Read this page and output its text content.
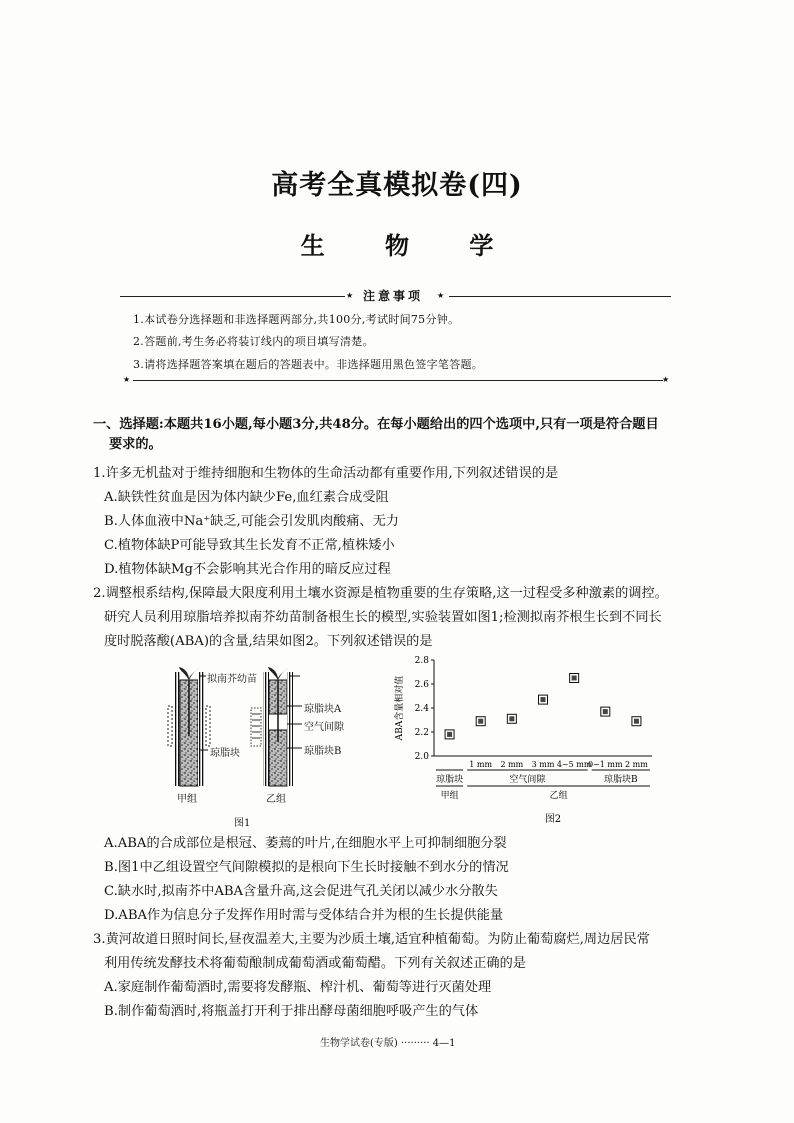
高考全真模拟卷(四)
生 物 学
★ 注意事项 ★
1.本试卷分选择题和非选择题两部分,共100分,考试时间75分钟。
2.答题前,考生务必将装订线内的项目填写清楚。
3.请将选择题答案填在题后的答题表中。非选择题用黑色签字笔答题。
★	★
一、选择题:本题共16小题,每小题3分,共48分。在每小题给出的四个选项中,只有一项是符合题目
要求的。
1.许多无机盐对于维持细胞和生物体的生命活动都有重要作用,下列叙述错误的是
A.缺铁性贫血是因为体内缺少Fe,血红素合成受阻
B.人体血液中Na⁺缺乏,可能会引发肌肉酸痛、无力
C.植物体缺P可能导致其生长发育不正常,植株矮小
D.植物体缺Mg不会影响其光合作用的暗反应过程
2.调整根系结构,保障最大限度利用土壤水资源是植物重要的生存策略,这一过程受多种激素的调控。
研究人员利用琼脂培养拟南芥幼苗制备根生长的模型,实验装置如图1;检测拟南芥根生长到不同长
度时脱落酸(ABA)的含量,结果如图2。下列叙述错误的是
拟南芥幼苗
琼脂块
琼脂块A
空气间隙
琼脂块B
甲组	乙组
图1
2.0
2.2
2.4
2.6
2.8
ABA含量相对值
1 mm 2 mm 3 mm 4~5 mm
0~1 mm 2 mm
琼脂块	空气间隙	琼脂块B
甲组	乙组
图2
A.ABA的合成部位是根冠、萎蔫的叶片,在细胞水平上可抑制细胞分裂
B.图1中乙组设置空气间隙模拟的是根向下生长时接触不到水分的情况
C.缺水时,拟南芥中ABA含量升高,这会促进气孔关闭以减少水分散失
D.ABA作为信息分子发挥作用时需与受体结合并为根的生长提供能量
3.黄河故道日照时间长,昼夜温差大,主要为沙质土壤,适宜种植葡萄。为防止葡萄腐烂,周边居民常
利用传统发酵技术将葡萄酿制成葡萄酒或葡萄醋。下列有关叙述正确的是
A.家庭制作葡萄酒时,需要将发酵瓶、榨汁机、葡萄等进行灭菌处理
B.制作葡萄酒时,将瓶盖打开利于排出酵母菌细胞呼吸产生的气体
生物学试卷(专版) ········· 4—1
